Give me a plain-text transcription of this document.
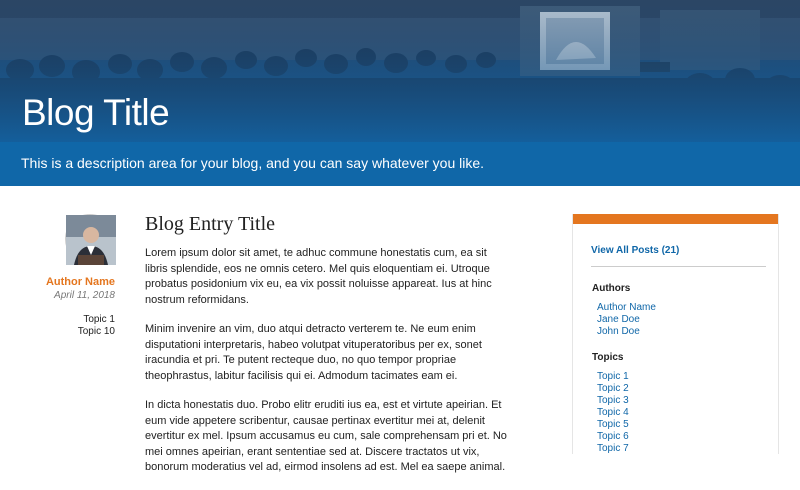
Blog Title
This is a description area for your blog, and you can say whatever you like.
Author Name
April 11, 2018
Topic 1
Topic 10
Blog Entry Title

Lorem ipsum dolor sit amet, te adhuc commune honestatis cum, ea sit libris splendide, eos ne omnis cetero. Mel quis eloquentiam ei. Utroque probatus posidonium vix eu, ea vix possit noluisse appareat. Ius at hinc nostrum reformidans.

Minim invenire an vim, duo atqui detracto verterem te. Ne eum enim disputationi interpretaris, habeo volutpat vituperatoribus per ex, sonet iracundia et pri. Te putent recteque duo, no quo tempor propriae theophrastus, labitur facilisis qui ei. Admodum tacimates eam ei.

In dicta honestatis duo. Probo elitr eruditi ius ea, est et virtute apeirian. Et eum vide appetere scribentur, causae pertinax evertitur mei at, delenit evertitur ex mel. Ipsum accusamus eu cum, sale comprehensam pri et. No mei omnes apeirian, erant sententiae sed at. Discere tractatos ut vix, bonorum moderatius vel ad, eirmod insolens ad est. Mel ea saepe animal.

View All Posts (21)
Authors
Author Name
Jane Doe
John Doe
Topics
Topic 1
Topic 2
Topic 3
Topic 4
Topic 5
Topic 6
Topic 7
